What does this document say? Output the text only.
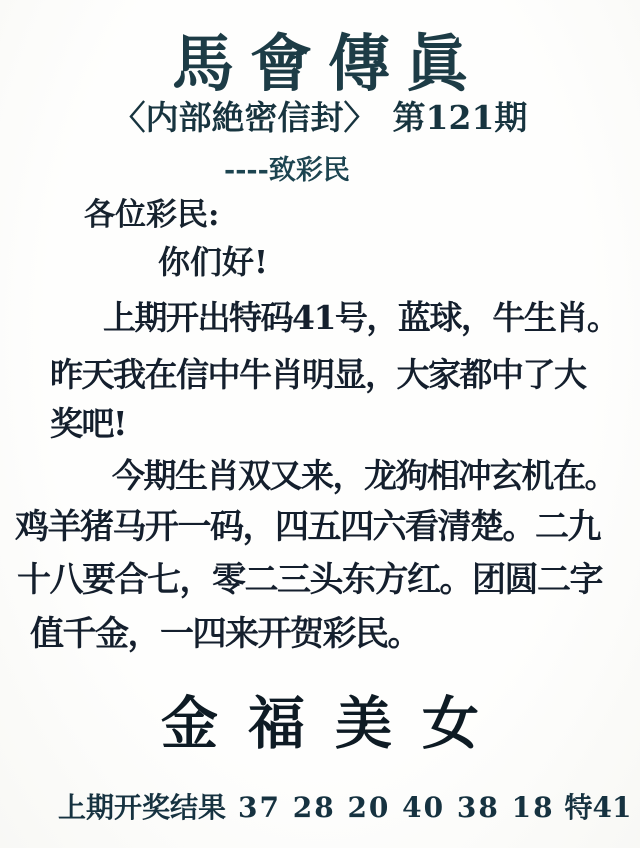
馬會傳眞
〈内部絶密信封〉 第121期
----致彩民
各位彩民:
你们好!
上期开出特码41号，蓝球，牛生肖。
昨天我在信中牛肖明显，大家都中了大
奖吧!
今期生肖双又来，龙狗相冲玄机在。
鸡羊猪马开一码，四五四六看清楚。二九
十八要合七，零二三头东方红。团圆二字
值千金，一四来开贺彩民。
金福美女
上期开奖结果 37 28 20 40 38 18 特41
